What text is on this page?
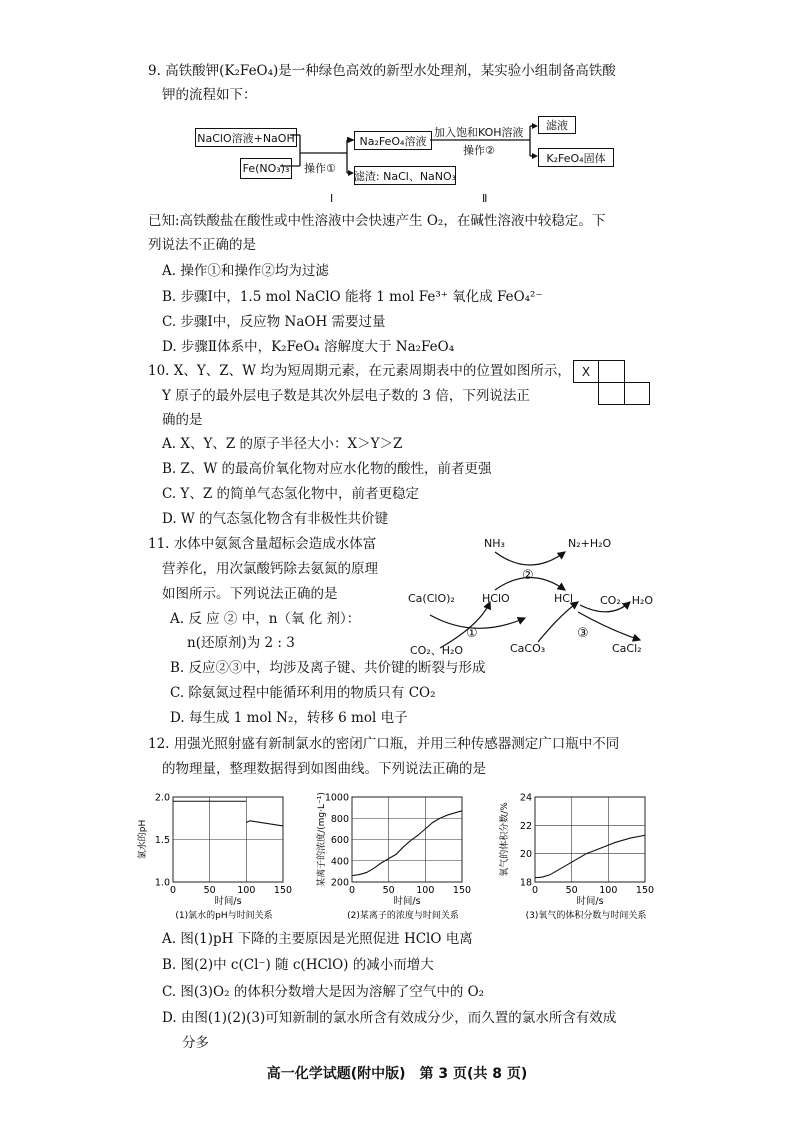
9. 高铁酸钾(K₂FeO₄)是一种绿色高效的新型水处理剂，某实验小组制备高铁酸
钾的流程如下：
NaClO溶液+NaOH
Fe(NO₃)₃ 操作①
Na₂FeO₄溶液
滤渣: NaCl、NaNO₃
加入饱和KOH溶液
操作②
滤液
K₂FeO₄固体
Ⅰ	Ⅱ
已知:高铁酸盐在酸性或中性溶液中会快速产生 O₂，在碱性溶液中较稳定。下
列说法不正确的是
A. 操作①和操作②均为过滤
B. 步骤Ⅰ中，1.5 mol NaClO 能将 1 mol Fe³⁺ 氧化成 FeO₄²⁻
C. 步骤Ⅰ中，反应物 NaOH 需要过量
D. 步骤Ⅱ体系中，K₂FeO₄ 溶解度大于 Na₂FeO₄
10. X、Y、Z、W 均为短周期元素，在元素周期表中的位置如图所示，
Y 原子的最外层电子数是其次外层电子数的 3 倍，下列说法正
确的是
X
A. X、Y、Z 的原子半径大小：X＞Y＞Z
B. Z、W 的最高价氧化物对应水化物的酸性，前者更强
C. Y、Z 的简单气态氢化物中，前者更稳定
D. W 的气态氢化物含有非极性共价键
11. 水体中氨氮含量超标会造成水体富
营养化，用次氯酸钙除去氨氮的原理
如图所示。下列说法正确的是
A. 反 应 ② 中，n（氧 化 剂）：
n(还原剂)为 2 : 3
B. 反应②③中，均涉及离子键、共价键的断裂与形成
C. 除氨氮过程中能循环利用的物质只有 CO₂
D. 每生成 1 mol N₂，转移 6 mol 电子
NH₃	N₂+H₂O
②
Ca(ClO)₂ HClO	HCl CO₂、H₂O
①	③
CO₂、H₂O	CaCO₃	CaCl₂
12. 用强光照射盛有新制氯水的密闭广口瓶，并用三种传感器测定广口瓶中不同
的物理量，整理数据得到如图曲线。下列说法正确的是
0	50 100 150
1.0
1.5
2.0
时间/s
氯水的pH
(1)氯水的pH与时间关系
0	50 100 150
200
400
600
800
1000
时间/s
某离子的浓度/(mg·L⁻¹)
(2)某离子的浓度与时间关系
0	50 100 150
18
20
22
24
时间/s
氧气的体积分数/%
(3)氧气的体积分数与时间关系
A. 图(1)pH 下降的主要原因是光照促进 HClO 电离
B. 图(2)中 c(Cl⁻) 随 c(HClO) 的减小而增大
C. 图(3)O₂ 的体积分数增大是因为溶解了空气中的 O₂
D. 由图(1)(2)(3)可知新制的氯水所含有效成分少，而久置的氯水所含有效成
分多
高一化学试题(附中版)　第 3 页(共 8 页)
